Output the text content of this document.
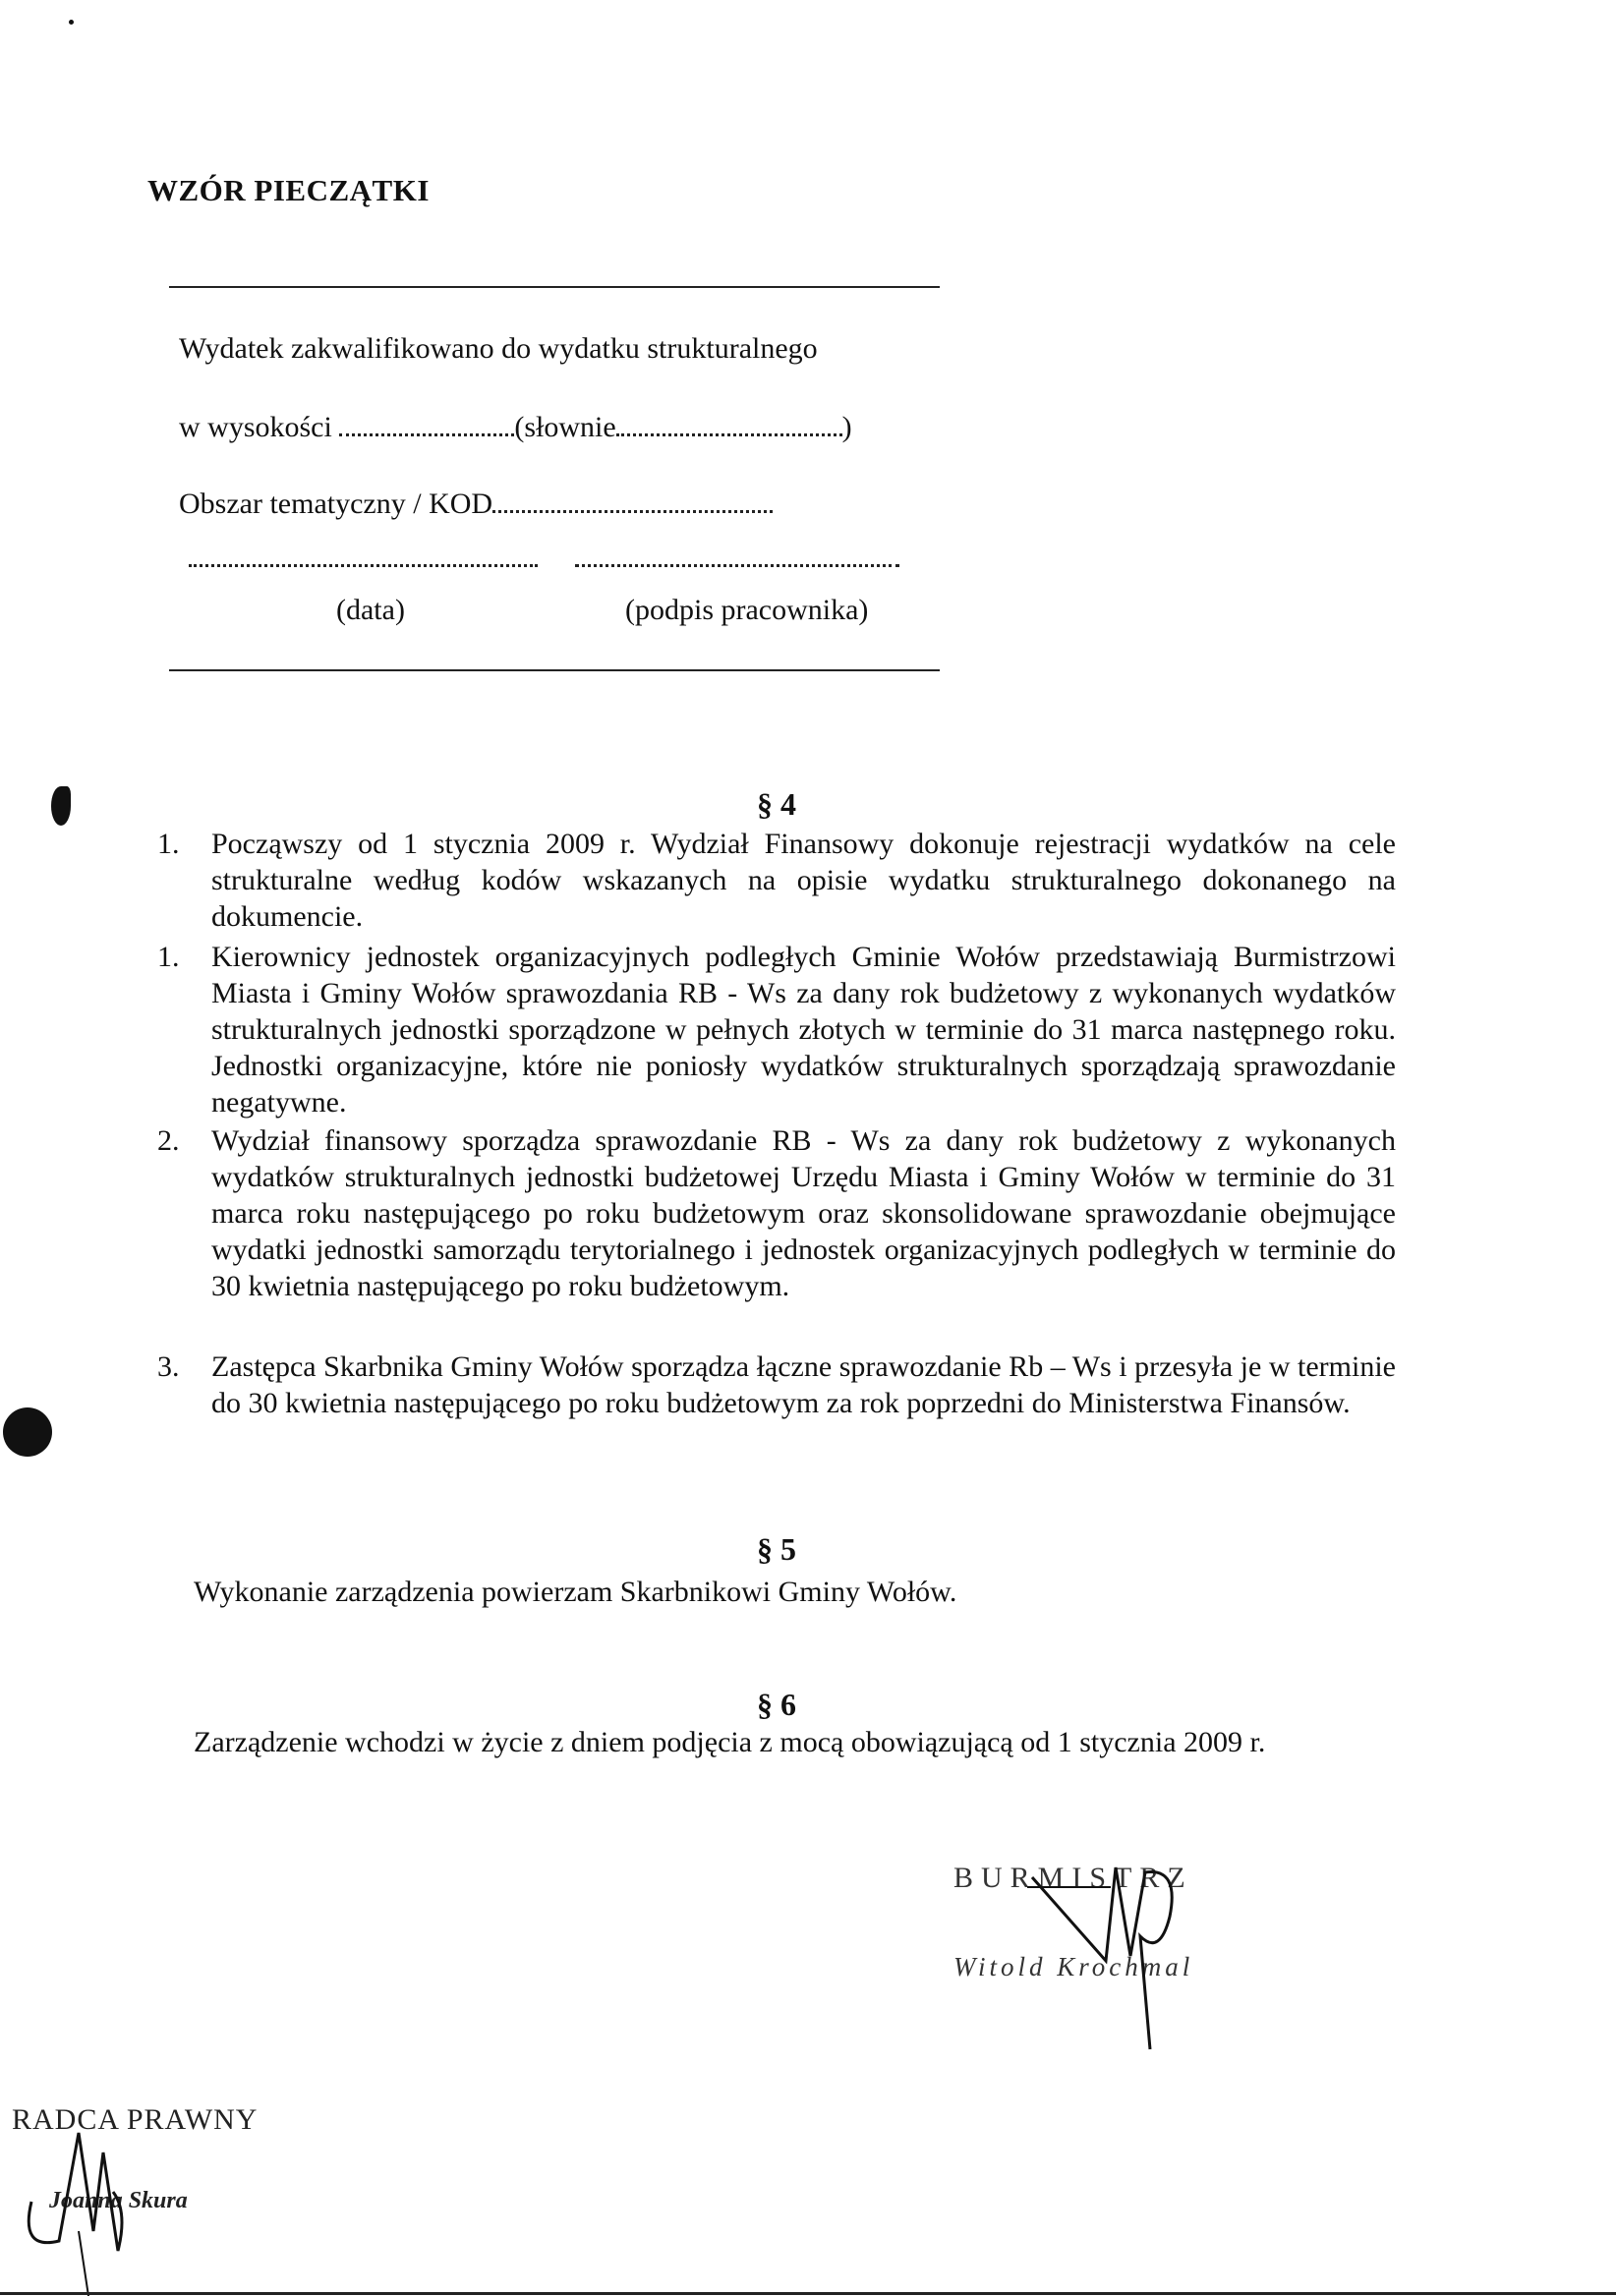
WZÓR PIECZĄTKI
Wydatek zakwalifikowano do wydatku strukturalnego
w wysokości	(słownie	)
Obszar tematyczny / KOD
(data)	(podpis pracownika)
§ 4
1. Począwszy od 1 stycznia 2009 r. Wydział Finansowy dokonuje rejestracji wydatków na cele strukturalne według kodów wskazanych na opisie wydatku strukturalnego dokonanego na dokumencie.
1. Kierownicy jednostek organizacyjnych podległych Gminie Wołów przedstawiają Burmistrzowi Miasta i Gminy Wołów sprawozdania RB - Ws za dany rok budżetowy z wykonanych wydatków strukturalnych jednostki sporządzone w pełnych złotych w terminie do 31 marca następnego roku. Jednostki organizacyjne, które nie poniosły wydatków strukturalnych sporządzają sprawozdanie negatywne.
2. Wydział finansowy sporządza sprawozdanie RB - Ws za dany rok budżetowy z wykonanych wydatków strukturalnych jednostki budżetowej Urzędu Miasta i Gminy Wołów w terminie do 31 marca roku następującego po roku budżetowym oraz skonsolidowane sprawozdanie obejmujące wydatki jednostki samorządu terytorialnego i jednostek organizacyjnych podległych w terminie do 30 kwietnia następującego po roku budżetowym.
3. Zastępca Skarbnika Gminy Wołów sporządza łączne sprawozdanie Rb – Ws i przesyła je w terminie do 30 kwietnia następującego po roku budżetowym za rok poprzedni do Ministerstwa Finansów.
§ 5
Wykonanie zarządzenia powierzam Skarbnikowi Gminy Wołów.
§ 6
Zarządzenie wchodzi w życie z dniem podjęcia z mocą obowiązującą od 1 stycznia 2009 r.
BURMISTRZ
Witold Krochmal
RADCA PRAWNY
Joanna Skura
